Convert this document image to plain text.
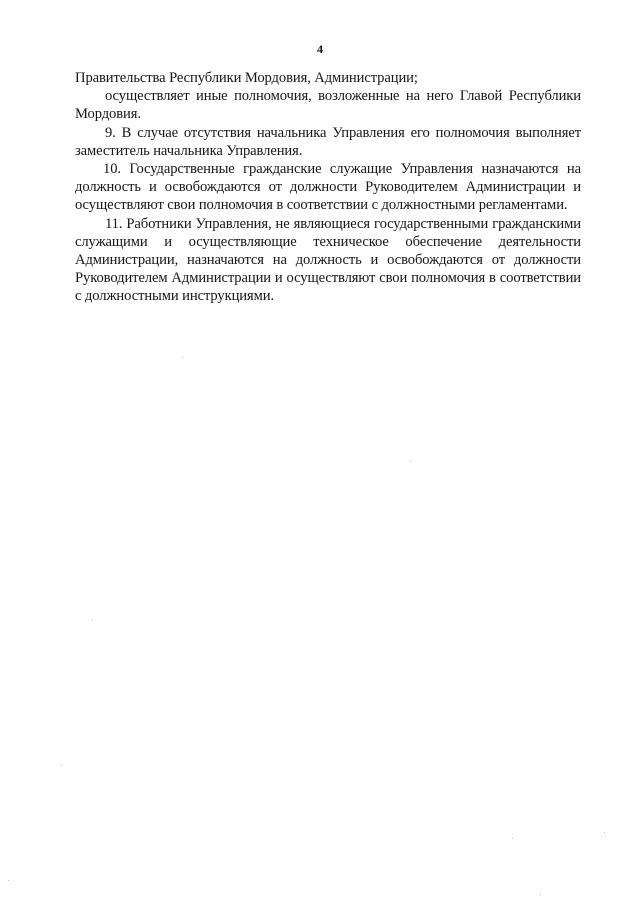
4

Правительства Республики Мордовия, Администрации;

осуществляет иные полномочия, возложенные на него Главой Республики Мордовия.

9. В случае отсутствия начальника Управления его полномочия выполняет заместитель начальника Управления.

10. Государственные гражданские служащие Управления назначаются на должность и освобождаются от должности Руководителем Администрации и осуществляют свои полномочия в соответствии с должностными регламентами.

11. Работники Управления, не являющиеся государственными гражданскими служащими и осуществляющие техническое обеспечение деятельности Администрации, назначаются на должность и освобождаются от должности Руководителем Администрации и осуществляют свои полномочия в соответствии с должностными инструкциями.
